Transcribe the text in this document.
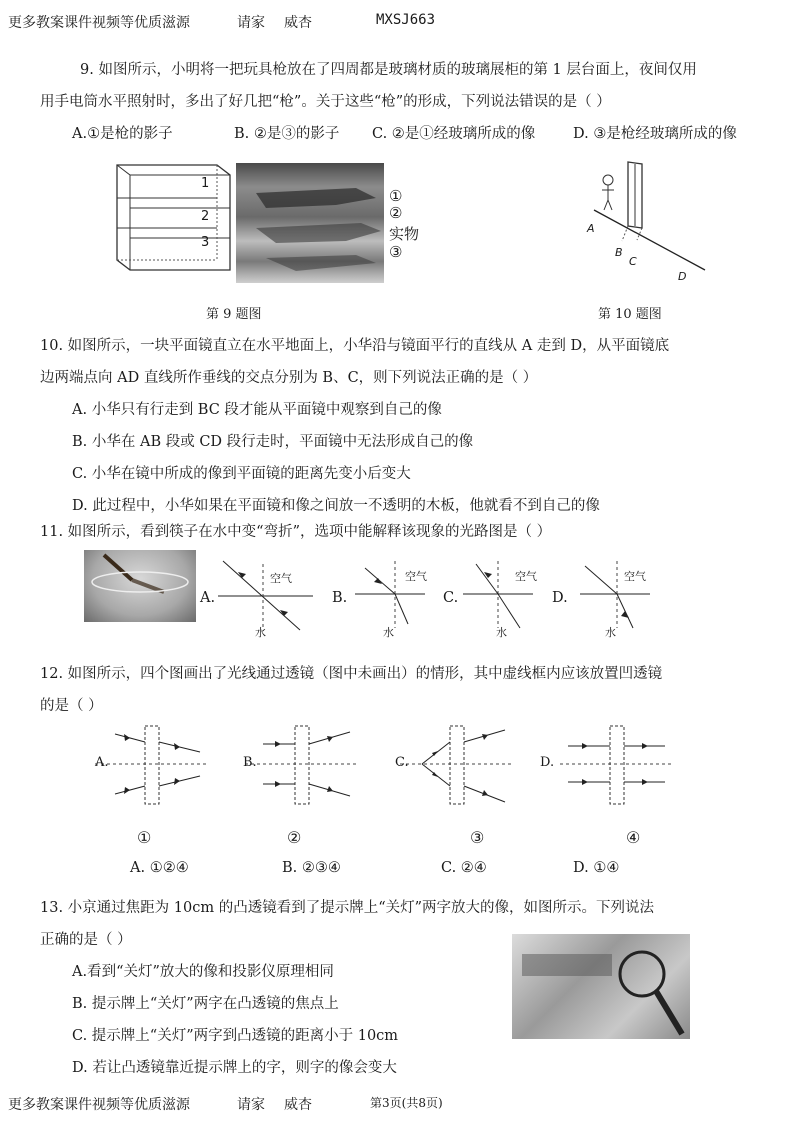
更多教案课件视频等优质滋源	请家 威杏	MXSJ663
9. 如图所示，小明将一把玩具枪放在了四周都是玻璃材质的玻璃展柜的第 1 层台面上，夜间仅用
用手电筒水平照射时，多出了好几把“枪”。关于这些“枪”的形成，下列说法错误的是（ ）
A.①是枪的影子	B. ②是③的影子 C. ②是①经玻璃所成的像	D. ③是枪经玻璃所成的像
1
2
3
①
②
实物
③
第 9 题图
A
B
C
D
第 10 题图
10. 如图所示，一块平面镜直立在水平地面上，小华沿与镜面平行的直线从 A 走到 D，从平面镜底
边两端点向 AD 直线所作垂线的交点分别为 B、C，则下列说法正确的是（ ）
A. 小华只有行走到 BC 段才能从平面镜中观察到自己的像
B. 小华在 AB 段或 CD 段行走时，平面镜中无法形成自己的像
C. 小华在镜中所成的像到平面镜的距离先变小后变大
D. 此过程中，小华如果在平面镜和像之间放一不透明的木板，他就看不到自己的像
11. 如图所示，看到筷子在水中变“弯折”，选项中能解释该现象的光路图是（ ）
A.
空气
水
B.
空气
水
C.
空气
水
D.
空气
水
12. 如图所示，四个图画出了光线通过透镜（图中未画出）的情形，其中虚线框内应该放置凹透镜
的是（ ）
A.	B.	C.	D.
①	②	③	④
A. ①②④	B. ②③④	C. ②④	D. ①④
13. 小京通过焦距为 10cm 的凸透镜看到了提示牌上“关灯”两字放大的像，如图所示。下列说法
正确的是（ ）
A.看到“关灯”放大的像和投影仪原理相同
B. 提示牌上“关灯”两字在凸透镜的焦点上
C. 提示牌上“关灯”两字到凸透镜的距离小于 10cm
D. 若让凸透镜靠近提示牌上的字，则字的像会变大
更多教案课件视频等优质滋源	请家 威杏	第3页(共8页)
